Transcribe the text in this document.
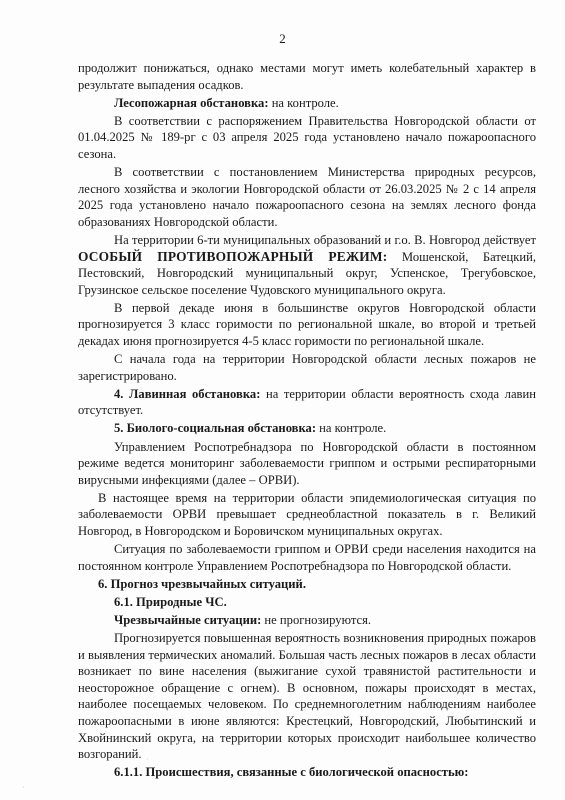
2

продолжит понижаться, однако местами могут иметь колебательный характер в результате выпадения осадков.

Лесопожарная обстановка: на контроле.

В соответствии с распоряжением Правительства Новгородской области от 01.04.2025 № 189-рг с 03 апреля 2025 года установлено начало пожароопасного сезона.

В соответствии с постановлением Министерства природных ресурсов, лесного хозяйства и экологии Новгородской области от 26.03.2025 № 2 с 14 апреля 2025 года установлено начало пожароопасного сезона на землях лесного фонда образованиях Новгородской области.

На территории 6-ти муниципальных образований и г.о. В. Новгород действует ОСОБЫЙ ПРОТИВОПОЖАРНЫЙ РЕЖИМ: Мошенской, Батецкий, Пестовский, Новгородский муниципальный округ, Успенское, Трегубовское, Грузинское сельское поселение Чудовского муниципального округа.

В первой декаде июня в большинстве округов Новгородской области прогнозируется 3 класс горимости по региональной шкале, во второй и третьей декадах июня прогнозируется 4-5 класс горимости по региональной шкале.

С начала года на территории Новгородской области лесных пожаров не зарегистрировано.

4. Лавинная обстановка: на территории области вероятность схода лавин отсутствует.

5. Биолого-социальная обстановка: на контроле.

Управлением Роспотребнадзора по Новгородской области в постоянном режиме ведется мониторинг заболеваемости гриппом и острыми респираторными вирусными инфекциями (далее – ОРВИ).

В настоящее время на территории области эпидемиологическая ситуация по заболеваемости ОРВИ превышает среднеобластной показатель в г. Великий Новгород, в Новгородском и Боровичском муниципальных округах.

Ситуация по заболеваемости гриппом и ОРВИ среди населения находится на постоянном контроле Управлением Роспотребнадзора по Новгородской области.

6. Прогноз чрезвычайных ситуаций.

6.1. Природные ЧС.

Чрезвычайные ситуации: не прогнозируются.

Прогнозируется повышенная вероятность возникновения природных пожаров и выявления термических аномалий. Большая часть лесных пожаров в лесах области возникает по вине населения (выжигание сухой травянистой растительности и неосторожное обращение с огнем). В основном, пожары происходят в местах, наиболее посещаемых человеком. По среднемноголетним наблюдениям наиболее пожароопасными в июне являются: Крестецкий, Новгородский, Любытинский и Хвойнинский округа, на территории которых происходит наибольшее количество возгораний.

6.1.1. Происшествия, связанные с биологической опасностью:

·
·
